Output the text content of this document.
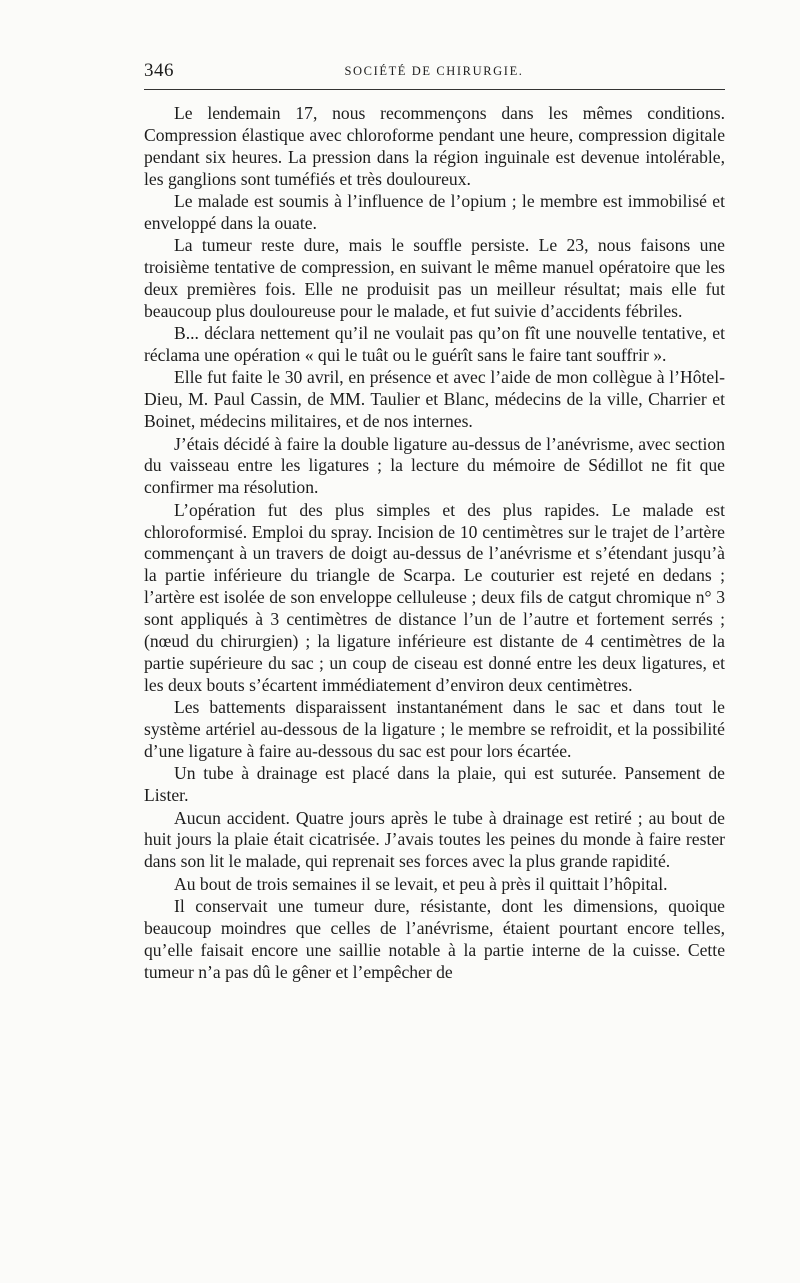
346	SOCIÉTÉ DE CHIRURGIE.

Le lendemain 17, nous recommençons dans les mêmes conditions. Compression élastique avec chloroforme pendant une heure, compression digitale pendant six heures. La pression dans la région inguinale est devenue intolérable, les ganglions sont tuméfiés et très douloureux.

Le malade est soumis à l’influence de l’opium ; le membre est immobilisé et enveloppé dans la ouate.

La tumeur reste dure, mais le souffle persiste. Le 23, nous faisons une troisième tentative de compression, en suivant le même manuel opératoire que les deux premières fois. Elle ne produisit pas un meilleur résultat; mais elle fut beaucoup plus douloureuse pour le malade, et fut suivie d’accidents fébriles.

B... déclara nettement qu’il ne voulait pas qu’on fît une nouvelle tentative, et réclama une opération « qui le tuât ou le guérît sans le faire tant souffrir ».

Elle fut faite le 30 avril, en présence et avec l’aide de mon collègue à l’Hôtel-Dieu, M. Paul Cassin, de MM. Taulier et Blanc, médecins de la ville, Charrier et Boinet, médecins militaires, et de nos internes.

J’étais décidé à faire la double ligature au-dessus de l’anévrisme, avec section du vaisseau entre les ligatures ; la lecture du mémoire de Sédillot ne fit que confirmer ma résolution.

L’opération fut des plus simples et des plus rapides. Le malade est chloroformisé. Emploi du spray. Incision de 10 centimètres sur le trajet de l’artère commençant à un travers de doigt au-dessus de l’anévrisme et s’étendant jusqu’à la partie inférieure du triangle de Scarpa. Le couturier est rejeté en dedans ; l’artère est isolée de son enveloppe celluleuse ; deux fils de catgut chromique n° 3 sont appliqués à 3 centimètres de distance l’un de l’autre et fortement serrés ; (nœud du chirurgien) ; la ligature inférieure est distante de 4 centimètres de la partie supérieure du sac ; un coup de ciseau est donné entre les deux ligatures, et les deux bouts s’écartent immédiatement d’environ deux centimètres.

Les battements disparaissent instantanément dans le sac et dans tout le système artériel au-dessous de la ligature ; le membre se refroidit, et la possibilité d’une ligature à faire au-dessous du sac est pour lors écartée.

Un tube à drainage est placé dans la plaie, qui est suturée. Pansement de Lister.

Aucun accident. Quatre jours après le tube à drainage est retiré ; au bout de huit jours la plaie était cicatrisée. J’avais toutes les peines du monde à faire rester dans son lit le malade, qui reprenait ses forces avec la plus grande rapidité.

Au bout de trois semaines il se levait, et peu à près il quittait l’hôpital.

Il conservait une tumeur dure, résistante, dont les dimensions, quoique beaucoup moindres que celles de l’anévrisme, étaient pourtant encore telles, qu’elle faisait encore une saillie notable à la partie interne de la cuisse. Cette tumeur n’a pas dû le gêner et l’empêcher de
